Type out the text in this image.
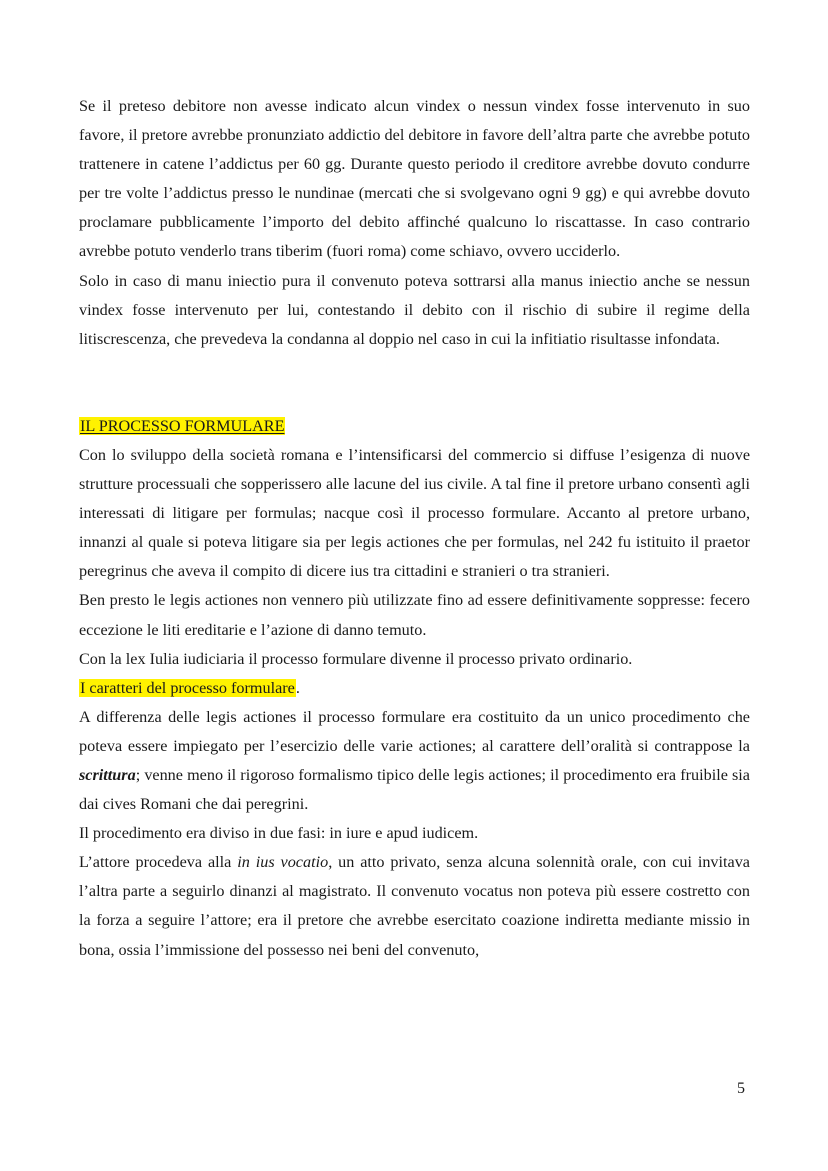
Se il preteso debitore non avesse indicato alcun vindex o nessun vindex fosse intervenuto in suo favore, il pretore avrebbe pronunziato addictio del debitore in favore dell’altra parte che avrebbe potuto trattenere in catene l’addictus per 60 gg. Durante questo periodo il creditore avrebbe dovuto condurre per tre volte l’addictus presso le nundinae (mercati che si svolgevano ogni 9 gg) e qui avrebbe dovuto proclamare pubblicamente l’importo del debito affinché qualcuno lo riscattasse. In caso contrario avrebbe potuto venderlo trans tiberim (fuori roma) come schiavo, ovvero ucciderlo.

Solo in caso di manu iniectio pura il convenuto poteva sottrarsi alla manus iniectio anche se nessun vindex fosse intervenuto per lui, contestando il debito con il rischio di subire il regime della litiscrescenza, che prevedeva la condanna al doppio nel caso in cui la infitiatio risultasse infondata.

IL PROCESSO FORMULARE

Con lo sviluppo della società romana e l’intensificarsi del commercio si diffuse l’esigenza di nuove strutture processuali che sopperissero alle lacune del ius civile. A tal fine il pretore urbano consentì agli interessati di litigare per formulas; nacque così il processo formulare. Accanto al pretore urbano, innanzi al quale si poteva litigare sia per legis actiones che per formulas, nel 242 fu istituito il praetor peregrinus che aveva il compito di dicere ius tra cittadini e stranieri o tra stranieri.

Ben presto le legis actiones non vennero più utilizzate fino ad essere definitivamente soppresse: fecero eccezione le liti ereditarie e l’azione di danno temuto.

Con la lex Iulia iudiciaria il processo formulare divenne il processo privato ordinario.

I caratteri del processo formulare.

A differenza delle legis actiones il processo formulare era costituito da un unico procedimento che poteva essere impiegato per l’esercizio delle varie actiones; al carattere dell’oralità si contrappose la scrittura; venne meno il rigoroso formalismo tipico delle legis actiones; il procedimento era fruibile sia dai cives Romani che dai peregrini.

Il procedimento era diviso in due fasi: in iure e apud iudicem.

L’attore procedeva alla in ius vocatio, un atto privato, senza alcuna solennità orale, con cui invitava l’altra parte a seguirlo dinanzi al magistrato. Il convenuto vocatus non poteva più essere costretto con la forza a seguire l’attore; era il pretore che avrebbe esercitato coazione indiretta mediante missio in bona, ossia l’immissione del possesso nei beni del convenuto,

5
